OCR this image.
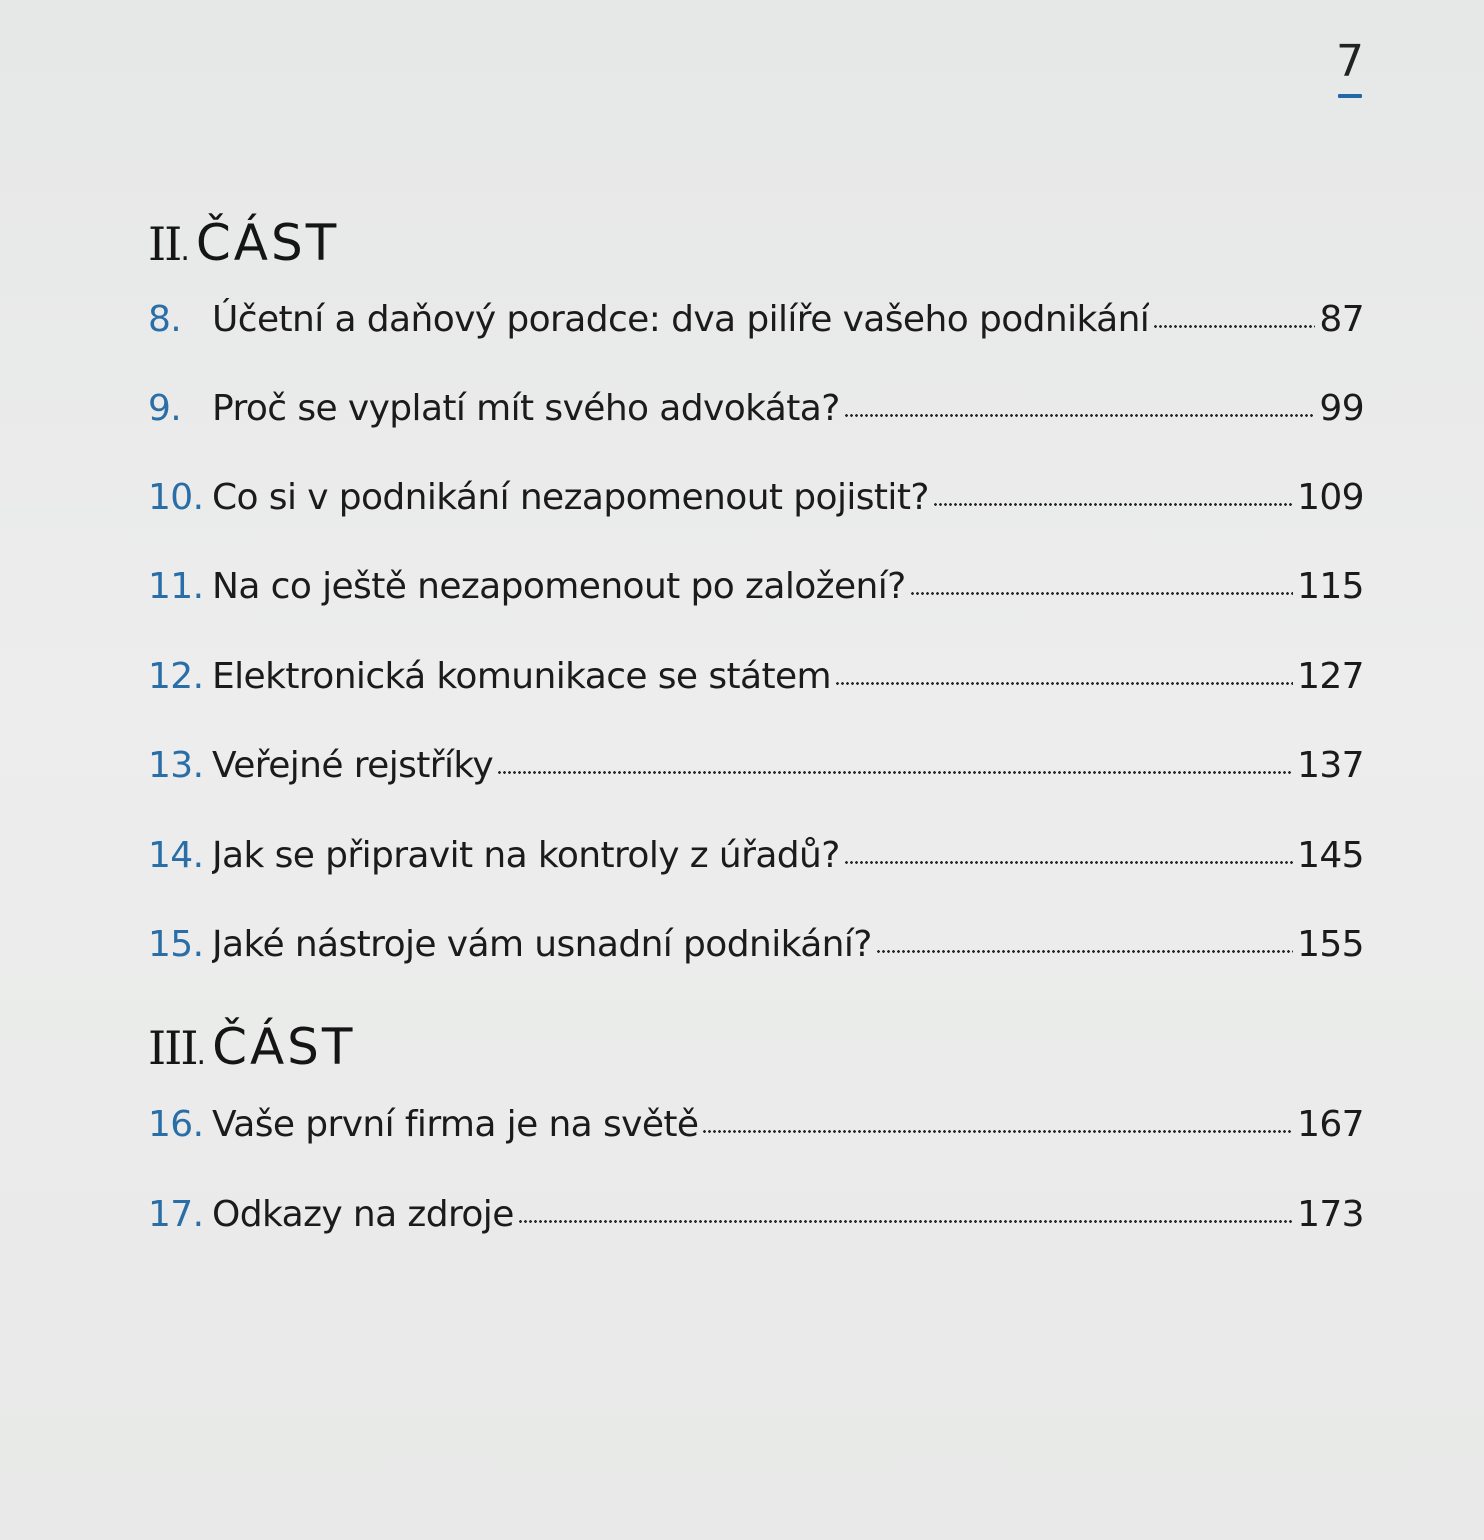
7
II. ČÁST
8. Účetní a daňový poradce: dva pilíře vašeho podnikání	87
9. Proč se vyplatí mít svého advokáta?	99
10. Co si v podnikání nezapomenout pojistit?	109
11. Na co ještě nezapomenout po založení?	115
12. Elektronická komunikace se státem	127
13. Veřejné rejstříky	137
14. Jak se připravit na kontroly z úřadů?	145
15. Jaké nástroje vám usnadní podnikání?	155
III. ČÁST
16. Vaše první firma je na světě	167
17. Odkazy na zdroje	173
